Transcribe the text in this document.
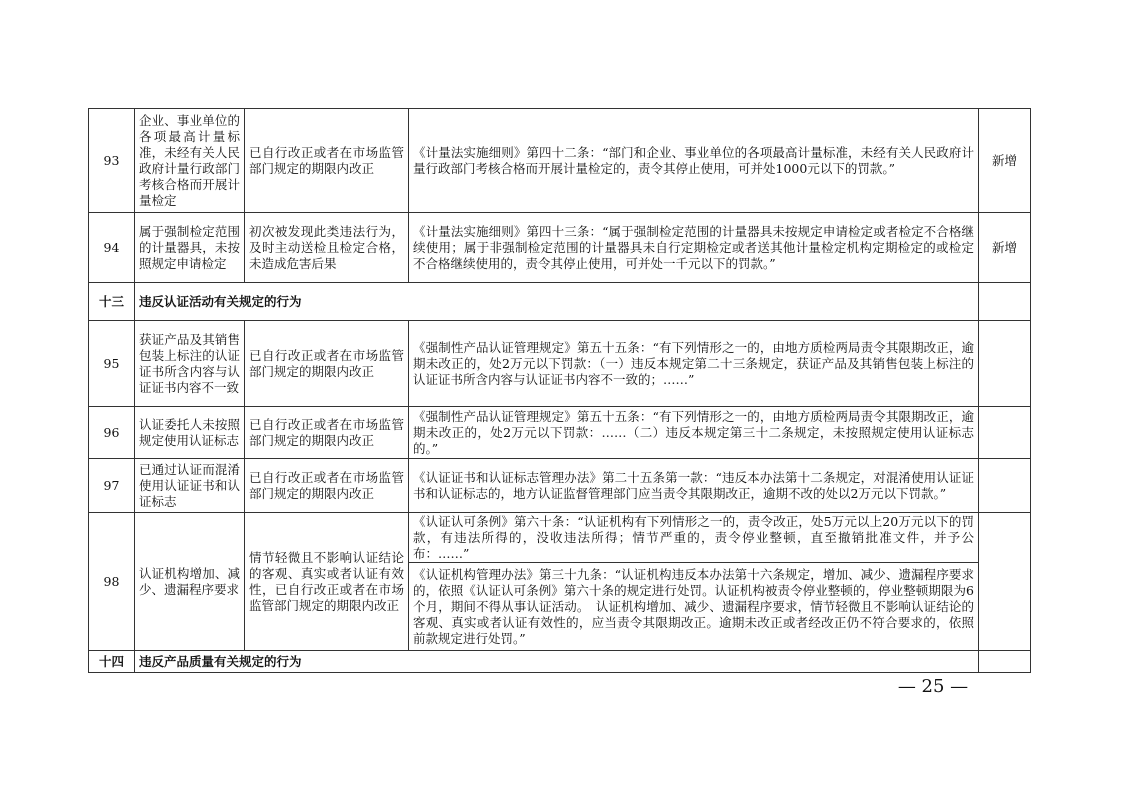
93	企业、事业单位的各项最高计量标准，未经有关人民政府计量行政部门考核合格而开展计量检定	已自行改正或者在市场监管部门规定的期限内改正	《计量法实施细则》第四十二条：“部门和企业、事业单位的各项最高计量标准，未经有关人民政府计量行政部门考核合格而开展计量检定的，责令其停止使用，可并处1000元以下的罚款。”	新增
94	属于强制检定范围的计量器具，未按照规定申请检定	初次被发现此类违法行为，及时主动送检且检定合格，未造成危害后果	《计量法实施细则》第四十三条：“属于强制检定范围的计量器具未按规定申请检定或者检定不合格继续使用；属于非强制检定范围的计量器具未自行定期检定或者送其他计量检定机构定期检定的或检定不合格继续使用的，责令其停止使用，可并处一千元以下的罚款。”	新增
十三	违反认证活动有关规定的行为			
95	获证产品及其销售包装上标注的认证证书所含内容与认证证书内容不一致	已自行改正或者在市场监管部门规定的期限内改正	《强制性产品认证管理规定》第五十五条：“有下列情形之一的，由地方质检两局责令其限期改正，逾期未改正的，处2万元以下罚款：（一）违反本规定第二十三条规定，获证产品及其销售包装上标注的认证证书所含内容与认证证书内容不一致的；……”	
96	认证委托人未按照规定使用认证标志	已自行改正或者在市场监管部门规定的期限内改正	《强制性产品认证管理规定》第五十五条：“有下列情形之一的，由地方质检两局责令其限期改正，逾期未改正的，处2万元以下罚款：……（二）违反本规定第三十二条规定，未按照规定使用认证标志的。”	
97	已通过认证而混淆使用认证证书和认证标志	已自行改正或者在市场监管部门规定的期限内改正	《认证证书和认证标志管理办法》第二十五条第一款：“违反本办法第十二条规定，对混淆使用认证证书和认证标志的，地方认证监督管理部门应当责令其限期改正，逾期不改的处以2万元以下罚款。”	
98	认证机构增加、减少、遗漏程序要求	情节轻微且不影响认证结论的客观、真实或者认证有效性，已自行改正或者在市场监管部门规定的期限内改正	《认证认可条例》第六十条：“认证机构有下列情形之一的，责令改正，处5万元以上20万元以下的罚款，有违法所得的，没收违法所得；情节严重的，责令停业整顿，直至撤销批准文件，并予公布：……”	
			《认证机构管理办法》第三十九条：“认证机构违反本办法第十六条规定，增加、减少、遗漏程序要求的，依照《认证认可条例》第六十条的规定进行处罚。认证机构被责令停业整顿的，停业整顿期限为6个月，期间不得从事认证活动。　认证机构增加、减少、遗漏程序要求，情节轻微且不影响认证结论的客观、真实或者认证有效性的，应当责令其限期改正。逾期未改正或者经改正仍不符合要求的，依照前款规定进行处罚。”	
十四	违反产品质量有关规定的行为			
— 25 —
